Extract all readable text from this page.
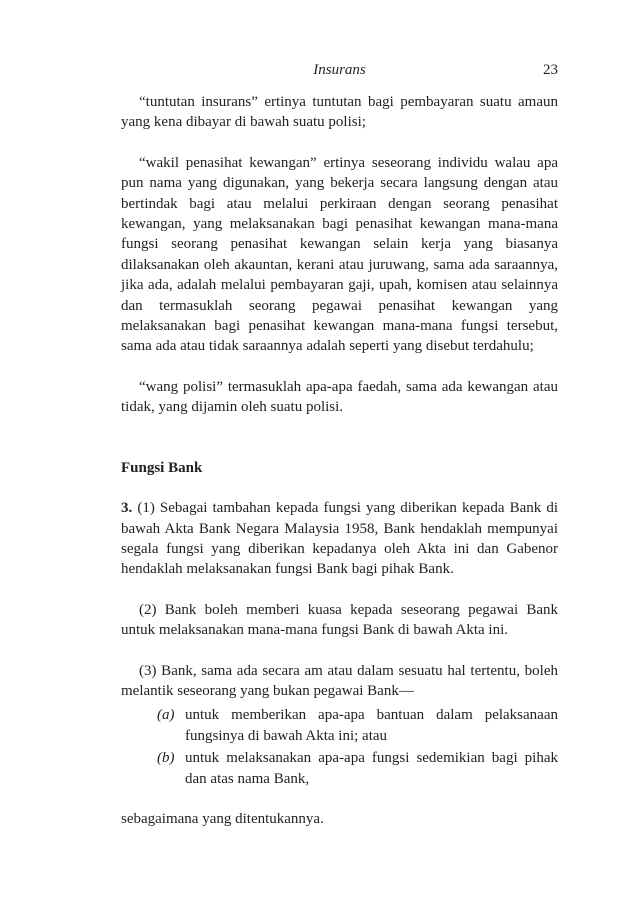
Insurans	23

“tuntutan insurans” ertinya tuntutan bagi pembayaran suatu amaun yang kena dibayar di bawah suatu polisi;

“wakil penasihat kewangan” ertinya seseorang individu walau apa pun nama yang digunakan, yang bekerja secara langsung dengan atau bertindak bagi atau melalui perkiraan dengan seorang penasihat kewangan, yang melaksanakan bagi penasihat kewangan mana-mana fungsi seorang penasihat kewangan selain kerja yang biasanya dilaksanakan oleh akauntan, kerani atau juruwang, sama ada saraannya, jika ada, adalah melalui pembayaran gaji, upah, komisen atau selainnya dan termasuklah seorang pegawai penasihat kewangan yang melaksanakan bagi penasihat kewangan mana-mana fungsi tersebut, sama ada atau tidak saraannya adalah seperti yang disebut terdahulu;

“wang polisi” termasuklah apa-apa faedah, sama ada kewangan atau tidak, yang dijamin oleh suatu polisi.

Fungsi Bank

3. (1) Sebagai tambahan kepada fungsi yang diberikan kepada Bank di bawah Akta Bank Negara Malaysia 1958, Bank hendaklah mempunyai segala fungsi yang diberikan kepadanya oleh Akta ini dan Gabenor hendaklah melaksanakan fungsi Bank bagi pihak Bank.

(2) Bank boleh memberi kuasa kepada seseorang pegawai Bank untuk melaksanakan mana-mana fungsi Bank di bawah Akta ini.

(3) Bank, sama ada secara am atau dalam sesuatu hal tertentu, boleh melantik seseorang yang bukan pegawai Bank—

(a) untuk memberikan apa-apa bantuan dalam pelaksanaan fungsinya di bawah Akta ini; atau
(b) untuk melaksanakan apa-apa fungsi sedemikian bagi pihak dan atas nama Bank,

sebagaimana yang ditentukannya.
